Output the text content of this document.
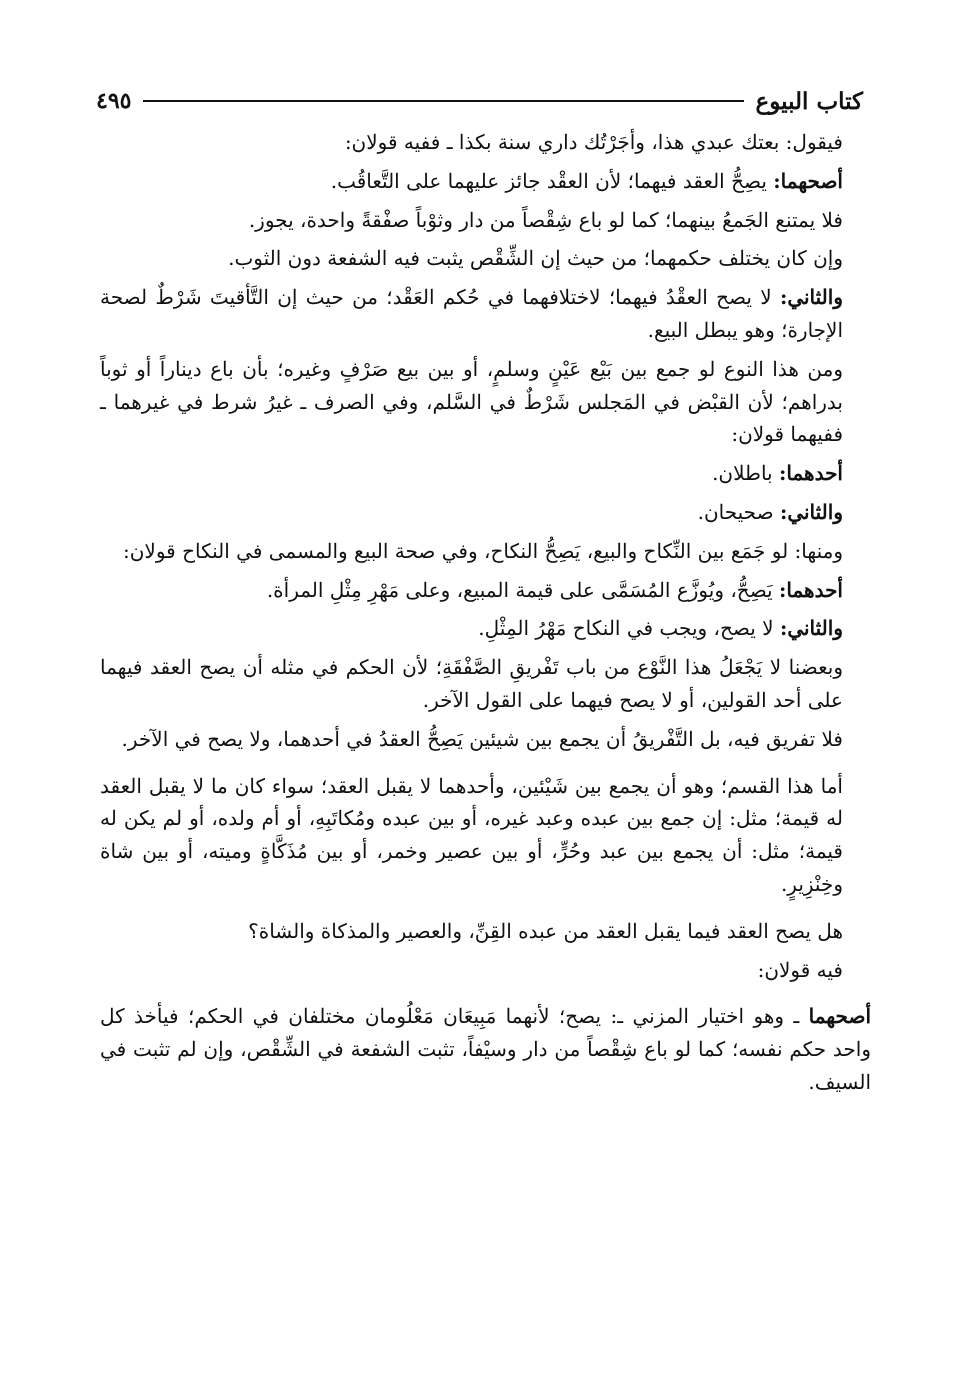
كتاب البيوع
٤٩٥

فيقول: بعتك عبدي هذا، وأجَرْتُك داري سنة بكذا ـ ففيه قولان:

أصحهما: يصِحُّ العقد فيهما؛ لأن العقْد جائز عليهما على التَّعاقُب.

فلا يمتنع الجَمعُ بينهما؛ كما لو باع شِقْصاً من دار وثوْباً صفْقةً واحدة، يجوز.

وإن كان يختلف حكمهما؛ من حيث إن الشِّقْص يثبت فيه الشفعة دون الثوب.

والثاني: لا يصح العقْدُ فيهما؛ لاختلافهما في حُكم العَقْد؛ من حيث إن التَّأقيتَ شَرْطٌ لصحة الإجارة؛ وهو يبطل البيع.

ومن هذا النوع لو جمع بين بَيْع عَيْنٍ وسلمٍ، أو بين بيع صَرْفٍ وغيره؛ بأن باع ديناراً أو ثوباً بدراهم؛ لأن القبْض في المَجلس شَرْطٌ في السَّلم، وفي الصرف ـ غيرُ شرط في غيرهما ـ ففيهما قولان:

أحدهما: باطلان.

والثاني: صحيحان.

ومنها: لو جَمَع بين النِّكاح والبيع، يَصِحُّ النكاح، وفي صحة البيع والمسمى في النكاح قولان:

أحدهما: يَصِحُّ، ويُوزَّع المُسَمَّى على قيمة المبيع، وعلى مَهْرِ مِثْلِ المرأة.

والثاني: لا يصح، ويجب في النكاح مَهْرُ المِثْلِ.

وبعضنا لا يَجْعَلُ هذا النَّوْع من باب تَفْريقِ الصَّفْقَةِ؛ لأن الحكم في مثله أن يصح العقد فيهما على أحد القولين، أو لا يصح فيهما على القول الآخر.

فلا تفريق فيه، بل التَّفْريقُ أن يجمع بين شيئين يَصِحُّ العقدُ في أحدهما، ولا يصح في الآخر.

أما هذا القسم؛ وهو أن يجمع بين شَيْئين، وأحدهما لا يقبل العقد؛ سواء كان ما لا يقبل العقد له قيمة؛ مثل: إن جمع بين عبده وعبد غيره، أو بين عبده ومُكاتَبِهِ، أو أم ولده، أو لم يكن له قيمة؛ مثل: أن يجمع بين عبد وحُرٍّ، أو بين عصير وخمر، أو بين مُذَكَّاةٍ وميته، أو بين شاة وخِنْزِيرٍ.

هل يصح العقد فيما يقبل العقد من عبده القِنِّ، والعصير والمذكاة والشاة؟

فيه قولان:

أصحهما ـ وهو اختيار المزني ـ: يصح؛ لأنهما مَبِيعَان مَعْلُومان مختلفان في الحكم؛ فيأخذ كل واحد حكم نفسه؛ كما لو باع شِقْصاً من دار وسيْفاً، تثبت الشفعة في الشِّقْص، وإن لم تثبت في السيف.
